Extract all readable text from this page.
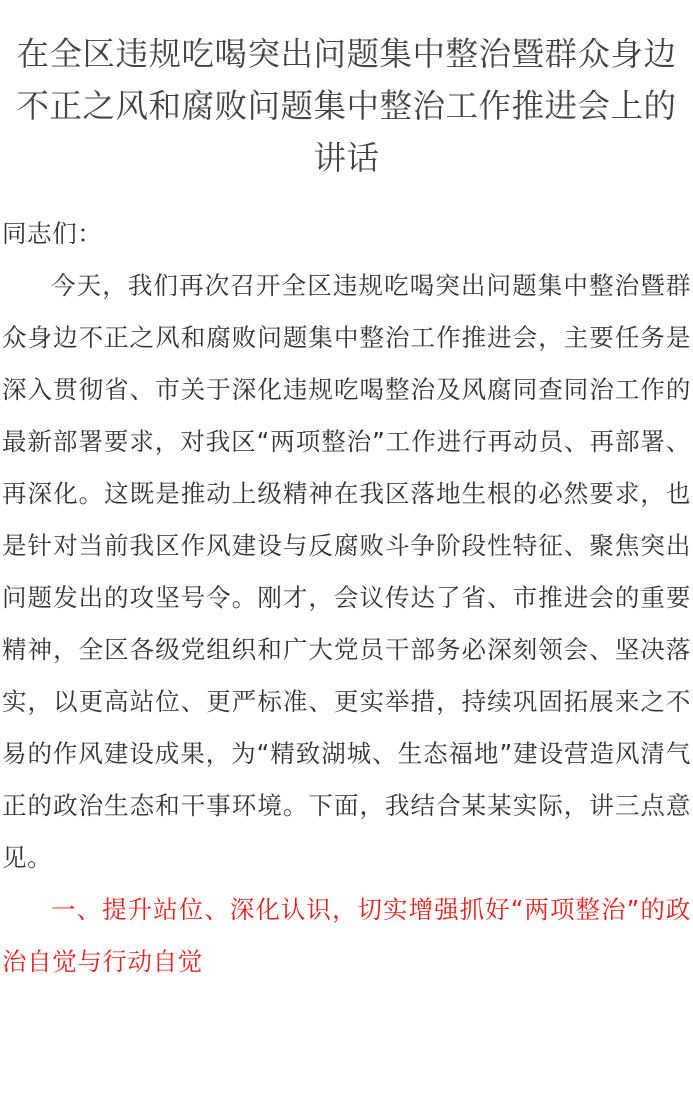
在全区违规吃喝突出问题集中整治暨群众身边不正之风和腐败问题集中整治工作推进会上的讲话

同志们：

今天，我们再次召开全区违规吃喝突出问题集中整治暨群众身边不正之风和腐败问题集中整治工作推进会，主要任务是深入贯彻省、市关于深化违规吃喝整治及风腐同查同治工作的最新部署要求，对我区“两项整治”工作进行再动员、再部署、再深化。这既是推动上级精神在我区落地生根的必然要求，也是针对当前我区作风建设与反腐败斗争阶段性特征、聚焦突出问题发出的攻坚号令。刚才，会议传达了省、市推进会的重要精神，全区各级党组织和广大党员干部务必深刻领会、坚决落实，以更高站位、更严标准、更实举措，持续巩固拓展来之不易的作风建设成果，为“精致湖城、生态福地”建设营造风清气正的政治生态和干事环境。下面，我结合某某实际，讲三点意见。

一、提升站位、深化认识，切实增强抓好“两项整治”的政治自觉与行动自觉
